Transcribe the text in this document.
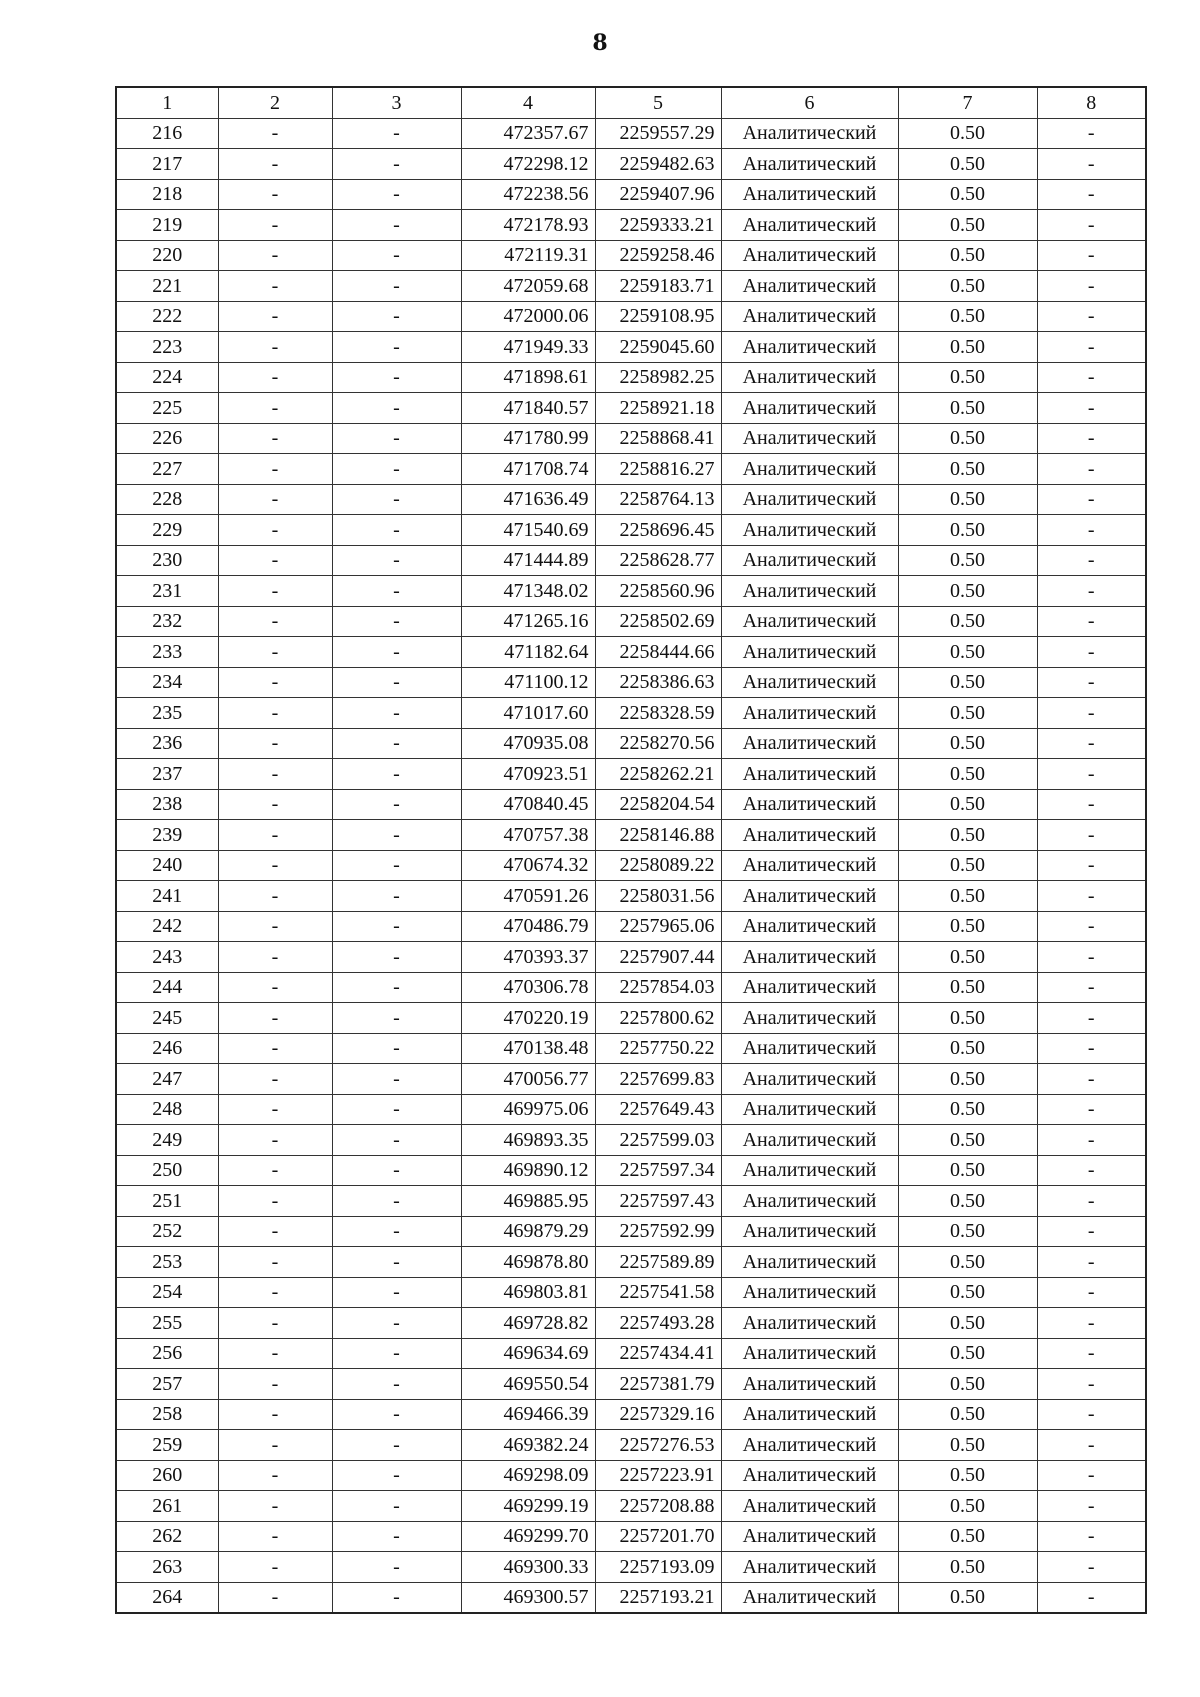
8
1	2	3	4	5	6	7	8
216	-	-	472357.67	2259557.29	Аналитический	0.50	-
217	-	-	472298.12	2259482.63	Аналитический	0.50	-
218	-	-	472238.56	2259407.96	Аналитический	0.50	-
219	-	-	472178.93	2259333.21	Аналитический	0.50	-
220	-	-	472119.31	2259258.46	Аналитический	0.50	-
221	-	-	472059.68	2259183.71	Аналитический	0.50	-
222	-	-	472000.06	2259108.95	Аналитический	0.50	-
223	-	-	471949.33	2259045.60	Аналитический	0.50	-
224	-	-	471898.61	2258982.25	Аналитический	0.50	-
225	-	-	471840.57	2258921.18	Аналитический	0.50	-
226	-	-	471780.99	2258868.41	Аналитический	0.50	-
227	-	-	471708.74	2258816.27	Аналитический	0.50	-
228	-	-	471636.49	2258764.13	Аналитический	0.50	-
229	-	-	471540.69	2258696.45	Аналитический	0.50	-
230	-	-	471444.89	2258628.77	Аналитический	0.50	-
231	-	-	471348.02	2258560.96	Аналитический	0.50	-
232	-	-	471265.16	2258502.69	Аналитический	0.50	-
233	-	-	471182.64	2258444.66	Аналитический	0.50	-
234	-	-	471100.12	2258386.63	Аналитический	0.50	-
235	-	-	471017.60	2258328.59	Аналитический	0.50	-
236	-	-	470935.08	2258270.56	Аналитический	0.50	-
237	-	-	470923.51	2258262.21	Аналитический	0.50	-
238	-	-	470840.45	2258204.54	Аналитический	0.50	-
239	-	-	470757.38	2258146.88	Аналитический	0.50	-
240	-	-	470674.32	2258089.22	Аналитический	0.50	-
241	-	-	470591.26	2258031.56	Аналитический	0.50	-
242	-	-	470486.79	2257965.06	Аналитический	0.50	-
243	-	-	470393.37	2257907.44	Аналитический	0.50	-
244	-	-	470306.78	2257854.03	Аналитический	0.50	-
245	-	-	470220.19	2257800.62	Аналитический	0.50	-
246	-	-	470138.48	2257750.22	Аналитический	0.50	-
247	-	-	470056.77	2257699.83	Аналитический	0.50	-
248	-	-	469975.06	2257649.43	Аналитический	0.50	-
249	-	-	469893.35	2257599.03	Аналитический	0.50	-
250	-	-	469890.12	2257597.34	Аналитический	0.50	-
251	-	-	469885.95	2257597.43	Аналитический	0.50	-
252	-	-	469879.29	2257592.99	Аналитический	0.50	-
253	-	-	469878.80	2257589.89	Аналитический	0.50	-
254	-	-	469803.81	2257541.58	Аналитический	0.50	-
255	-	-	469728.82	2257493.28	Аналитический	0.50	-
256	-	-	469634.69	2257434.41	Аналитический	0.50	-
257	-	-	469550.54	2257381.79	Аналитический	0.50	-
258	-	-	469466.39	2257329.16	Аналитический	0.50	-
259	-	-	469382.24	2257276.53	Аналитический	0.50	-
260	-	-	469298.09	2257223.91	Аналитический	0.50	-
261	-	-	469299.19	2257208.88	Аналитический	0.50	-
262	-	-	469299.70	2257201.70	Аналитический	0.50	-
263	-	-	469300.33	2257193.09	Аналитический	0.50	-
264	-	-	469300.57	2257193.21	Аналитический	0.50	-
